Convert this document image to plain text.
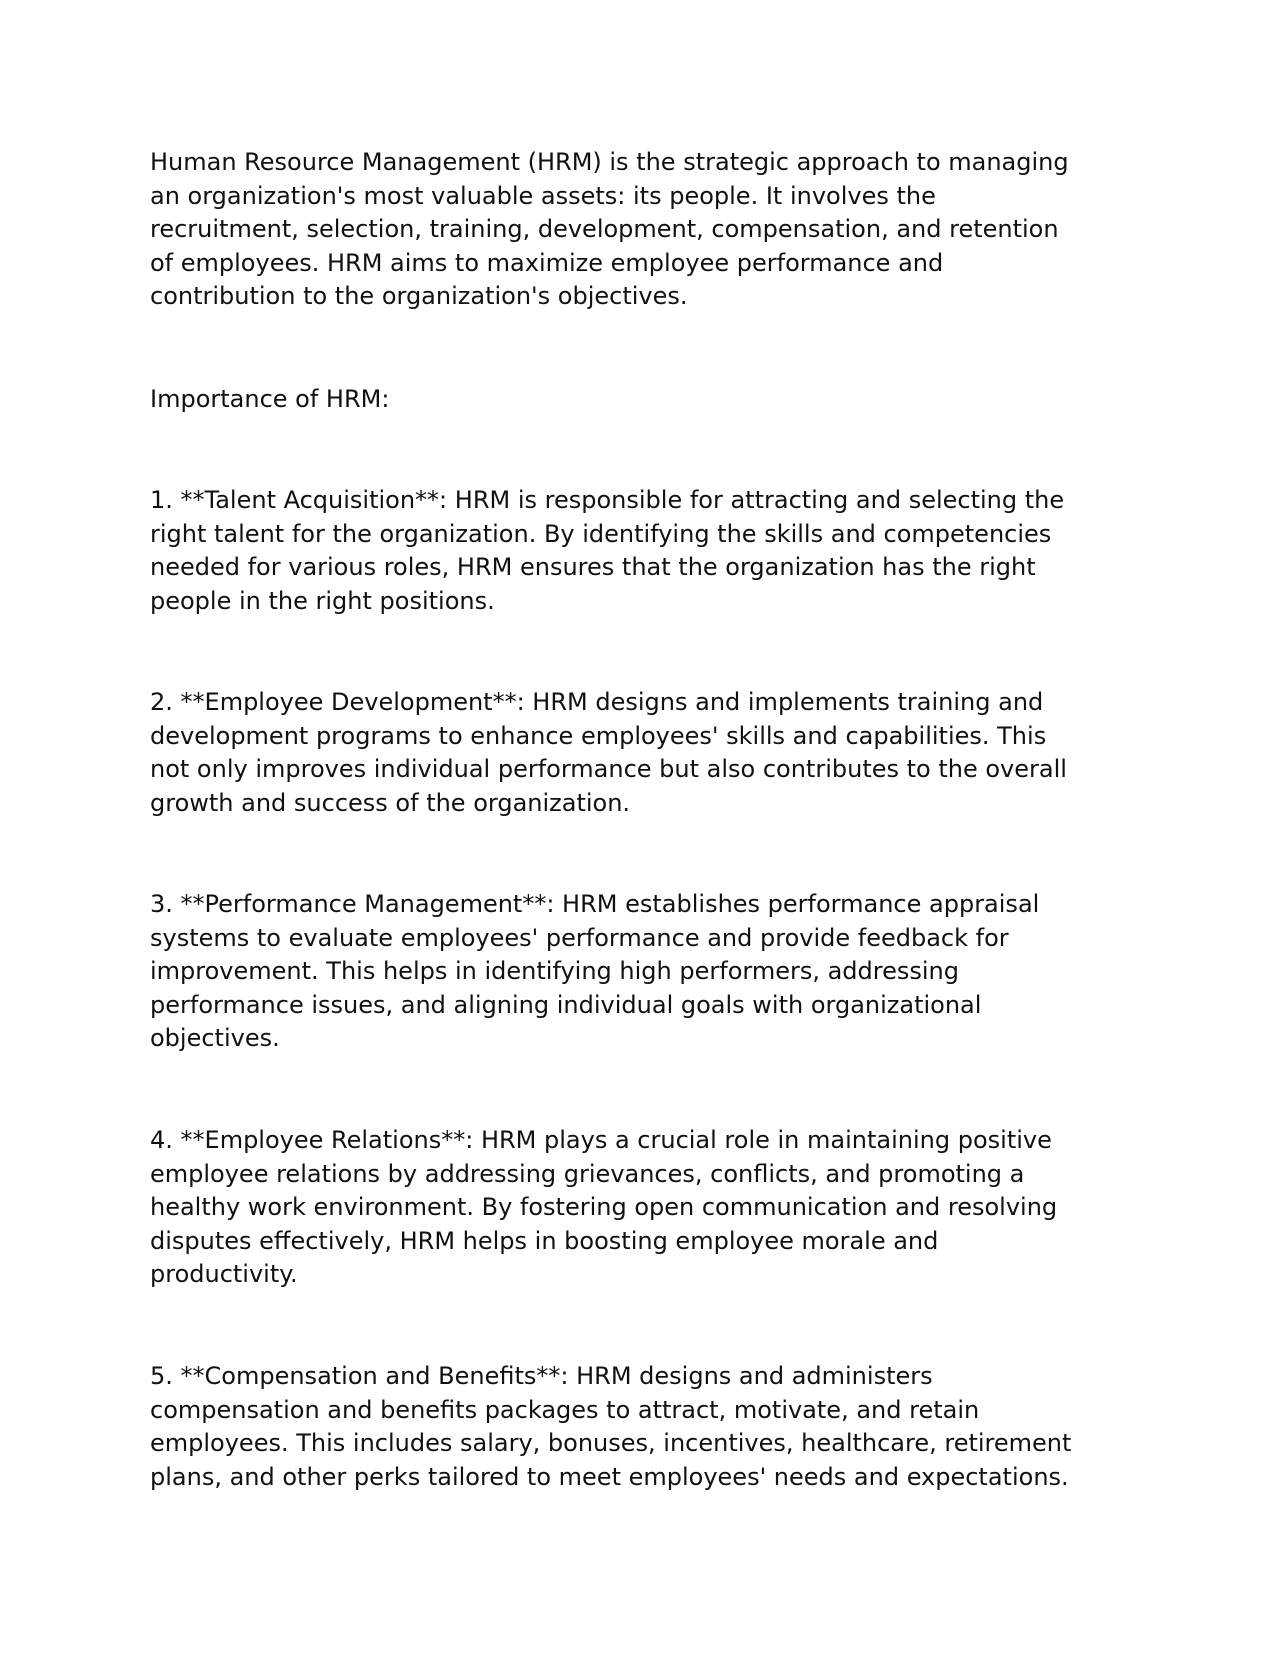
Human Resource Management (HRM) is the strategic approach to managing
an organization's most valuable assets: its people. It involves the
recruitment, selection, training, development, compensation, and retention
of employees. HRM aims to maximize employee performance and
contribution to the organization's objectives.

Importance of HRM:

1. **Talent Acquisition**: HRM is responsible for attracting and selecting the
right talent for the organization. By identifying the skills and competencies
needed for various roles, HRM ensures that the organization has the right
people in the right positions.

2. **Employee Development**: HRM designs and implements training and
development programs to enhance employees' skills and capabilities. This
not only improves individual performance but also contributes to the overall
growth and success of the organization.

3. **Performance Management**: HRM establishes performance appraisal
systems to evaluate employees' performance and provide feedback for
improvement. This helps in identifying high performers, addressing
performance issues, and aligning individual goals with organizational
objectives.

4. **Employee Relations**: HRM plays a crucial role in maintaining positive
employee relations by addressing grievances, conflicts, and promoting a
healthy work environment. By fostering open communication and resolving
disputes effectively, HRM helps in boosting employee morale and
productivity.

5. **Compensation and Benefits**: HRM designs and administers
compensation and benefits packages to attract, motivate, and retain
employees. This includes salary, bonuses, incentives, healthcare, retirement
plans, and other perks tailored to meet employees' needs and expectations.
